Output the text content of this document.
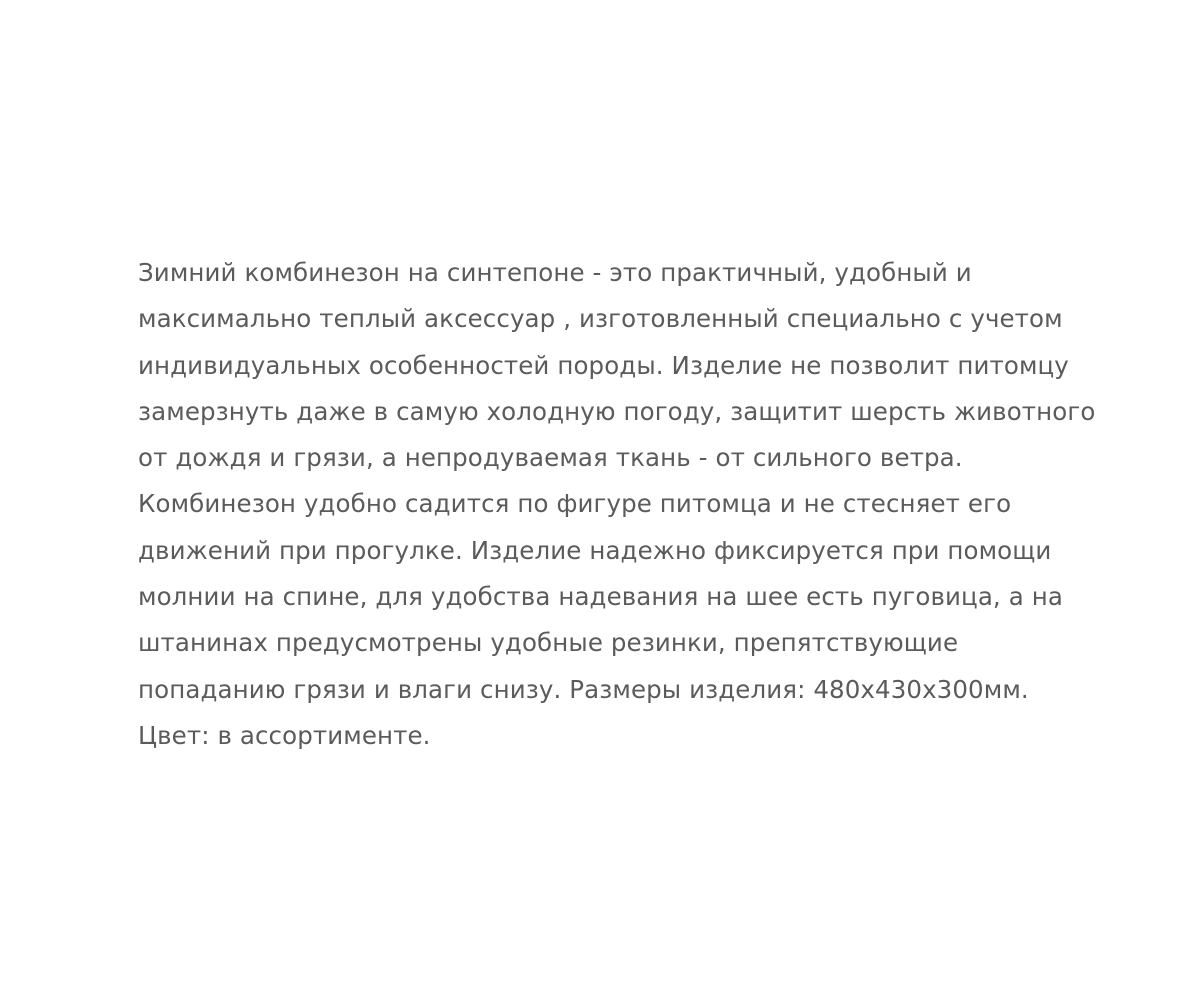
Зимний комбинезон на синтепоне - это практичный, удобный и
максимально теплый аксессуар , изготовленный специально с учетом
индивидуальных особенностей породы. Изделие не позволит питомцу
замерзнуть даже в самую холодную погоду, защитит шерсть животного
от дождя и грязи, а непродуваемая ткань - от сильного ветра.
Комбинезон удобно садится по фигуре питомца и не стесняет его
движений при прогулке. Изделие надежно фиксируется при помощи
молнии на спине, для удобства надевания на шее есть пуговица, а на
штанинах предусмотрены удобные резинки, препятствующие
попаданию грязи и влаги снизу. Размеры изделия: 480х430х300мм.
Цвет: в ассортименте.
